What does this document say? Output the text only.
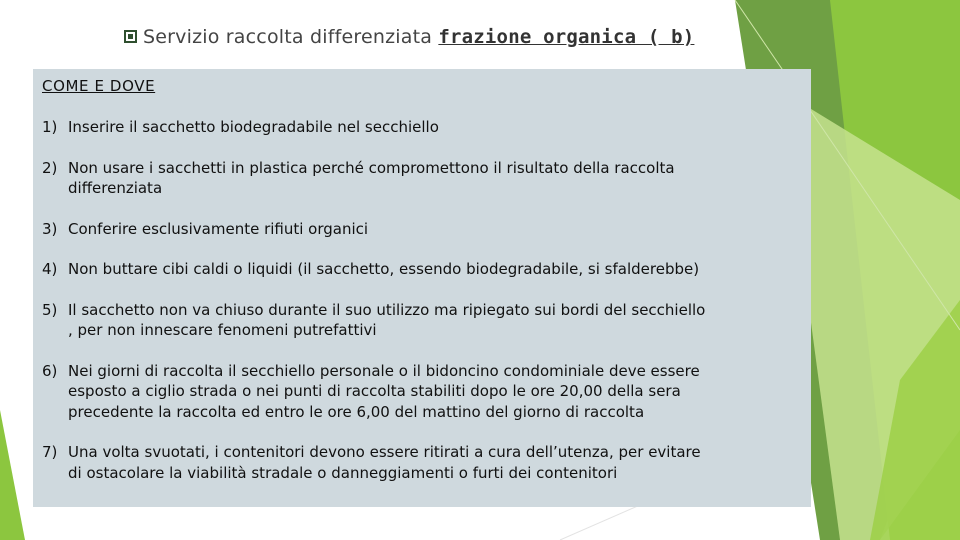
Servizio raccolta differenziata frazione organica ( b)
COME E DOVE
1) Inserire il sacchetto biodegradabile nel secchiello
2) Non usare i sacchetti in plastica perché compromettono il risultato della raccolta
differenziata
3) Conferire esclusivamente rifiuti organici
4) Non buttare cibi caldi o liquidi (il sacchetto, essendo biodegradabile, si sfalderebbe)
5) Il sacchetto non va chiuso durante il suo utilizzo ma ripiegato sui bordi del secchiello
, per non innescare fenomeni putrefattivi
6) Nei giorni di raccolta il secchiello personale o il bidoncino condominiale deve essere
esposto a ciglio strada o nei punti di raccolta stabiliti dopo le ore 20,00 della sera
precedente la raccolta ed entro le ore 6,00 del mattino del giorno di raccolta
7) Una volta svuotati, i contenitori devono essere ritirati a cura dell’utenza, per evitare
di ostacolare la viabilità stradale o danneggiamenti o furti dei contenitori
